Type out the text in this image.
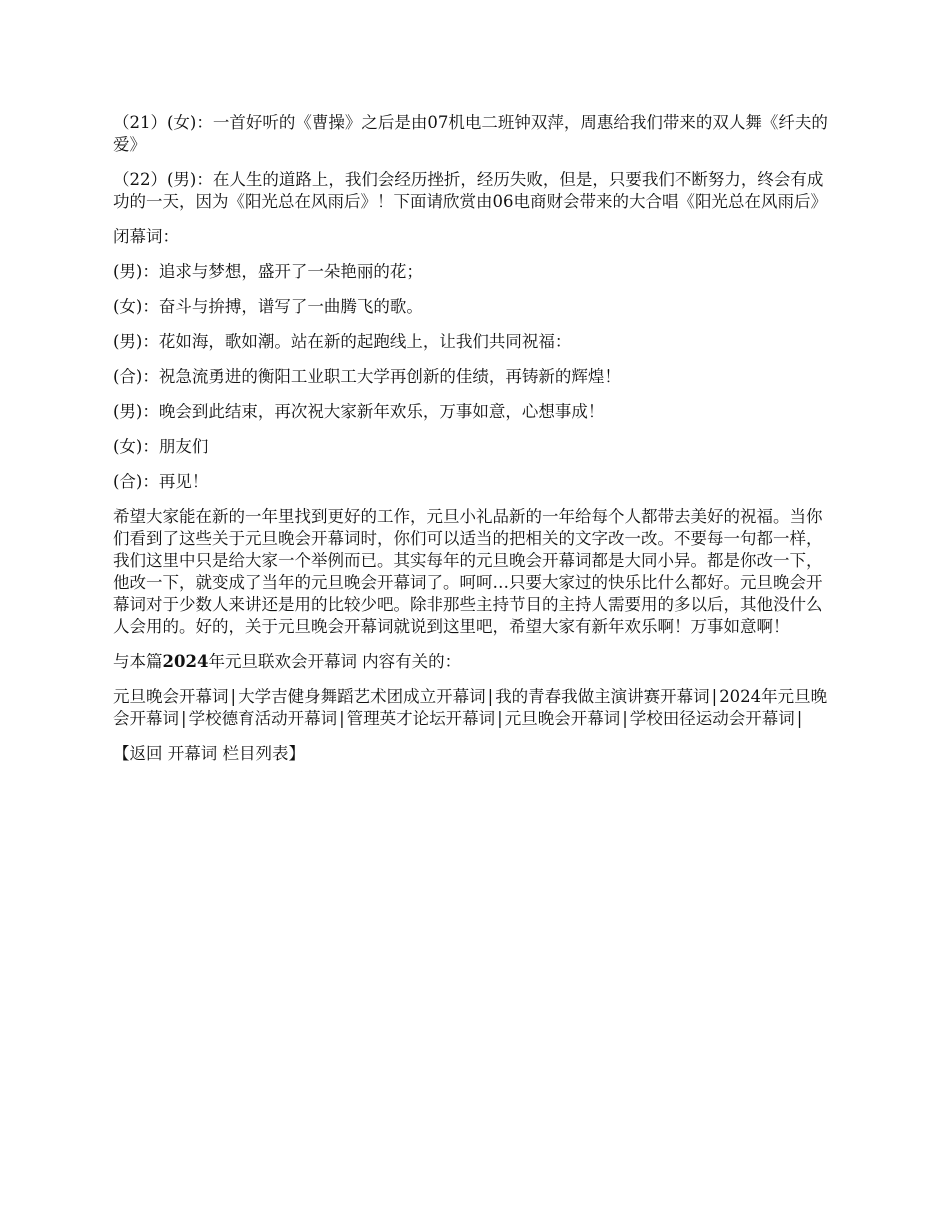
（21）(女)：一首好听的《曹操》之后是由07机电二班钟双萍，周惠给我们带来的双人舞《纤夫的爱》

（22）(男)：在人生的道路上，我们会经历挫折，经历失败，但是，只要我们不断努力，终会有成功的一天，因为《阳光总在风雨后》！下面请欣赏由06电商财会带来的大合唱《阳光总在风雨后》

闭幕词：

(男)：追求与梦想，盛开了一朵艳丽的花；

(女)：奋斗与拚搏，谱写了一曲腾飞的歌。

(男)：花如海，歌如潮。站在新的起跑线上，让我们共同祝福：

(合)：祝急流勇进的衡阳工业职工大学再创新的佳绩，再铸新的辉煌！

(男)：晚会到此结束，再次祝大家新年欢乐，万事如意，心想事成！

(女)：朋友们

(合)：再见！

希望大家能在新的一年里找到更好的工作，元旦小礼品新的一年给每个人都带去美好的祝福。当你们看到了这些关于元旦晚会开幕词时，你们可以适当的把相关的文字改一改。不要每一句都一样，我们这里中只是给大家一个举例而已。其实每年的元旦晚会开幕词都是大同小异。都是你改一下，他改一下，就变成了当年的元旦晚会开幕词了。呵呵…只要大家过的快乐比什么都好。元旦晚会开幕词对于少数人来讲还是用的比较少吧。除非那些主持节目的主持人需要用的多以后，其他没什么人会用的。好的，关于元旦晚会开幕词就说到这里吧，希望大家有新年欢乐啊！万事如意啊！

与本篇2024年元旦联欢会开幕词 内容有关的：

元旦晚会开幕词 | 大学吉健身舞蹈艺术团成立开幕词 | 我的青春我做主演讲赛开幕词 | 2024年元旦晚会开幕词 | 学校德育活动开幕词 | 管理英才论坛开幕词 | 元旦晚会开幕词 | 学校田径运动会开幕词 |

【返回 开幕词 栏目列表】
